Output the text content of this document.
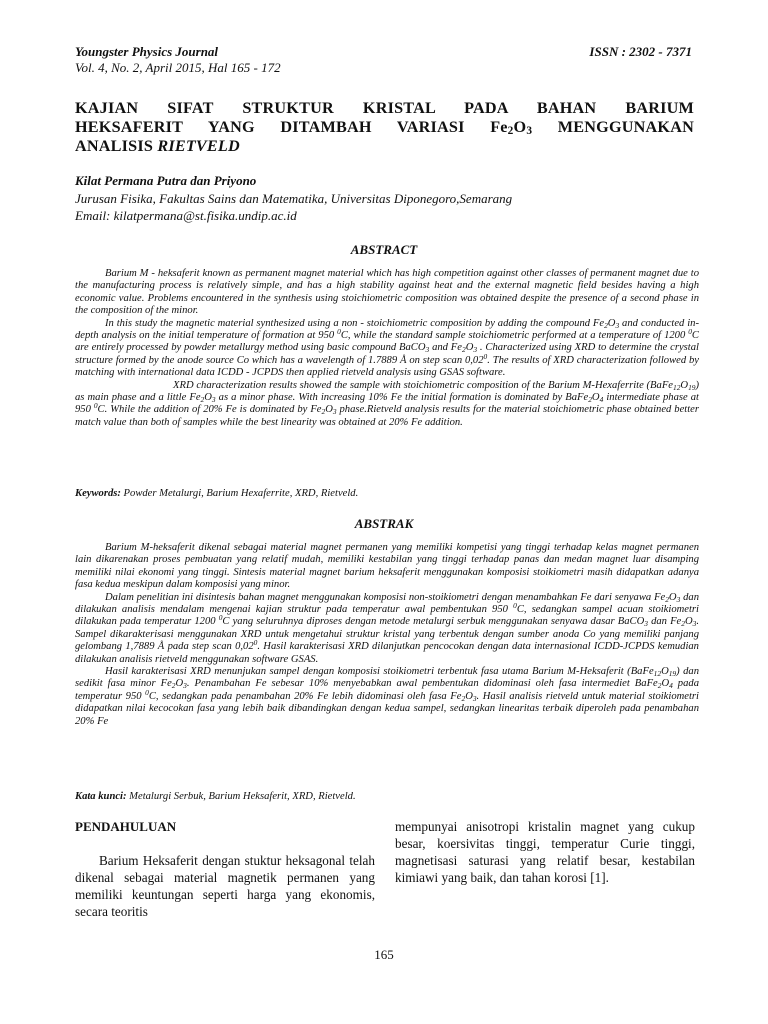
Youngster Physics Journal	ISSN : 2302 - 7371
Vol. 4, No. 2, April 2015, Hal 165 - 172
KAJIAN SIFAT STRUKTUR KRISTAL PADA BAHAN BARIUM
HEKSAFERIT YANG DITAMBAH VARIASI $Fe_2O_3$ MENGGUNAKAN
ANALISIS RIETVELD
Kilat Permana Putra dan Priyono
Jurusan Fisika, Fakultas Sains dan Matematika, Universitas Diponegoro,Semarang
Email: kilatpermana@st.fisika.undip.ac.id
ABSTRACT

Barium M - heksaferit known as permanent magnet material which has high competition against other classes of permanent magnet due to the manufacturing process is relatively simple, and has a high stability against heat and the external magnetic field besides having a high economic value. Problems encountered in the synthesis using stoichiometric composition was obtained despite the presence of a second phase in the composition of the minor.

In this study the magnetic material synthesized using a non - stoichiometric composition by adding the compound $Fe_2O_3$ and conducted in-depth analysis on the initial temperature of formation at 950 $^0$C, while the standard sample stoichiometric performed at a temperature of 1200 $^0$C are entirely processed by powder metallurgy method using basic compound BaCO$_3$ and $Fe_2O_3$ . Characterized using XRD to determine the crystal structure formed by the anode source Co which has a wavelength of 1.7889 Å on step scan 0,02$^0$. The results of XRD characterization followed by matching with international data ICDD - JCPDS then applied rietveld analysis using GSAS software.

XRD characterization results showed the sample with stoichiometric composition of the Barium M-Hexaferrite $(BaFe_{12}O_{19})$ as main phase and a little $Fe_2O_3$ as a minor phase. With increasing 10% Fe the initial formation is dominated by $BaFe_2O_4$ intermediate phase at 950 $^0$C. While the addition of 20% Fe is dominated by $Fe_2O_3$ phase.Rietveld analysis results for the material stoichiometric phase obtained better match value than both of samples while the best linearity was obtained at 20% Fe addition.

Keywords: Powder Metalurgi, Barium Hexaferrite, XRD, Rietveld.
ABSTRAK

Barium M-heksaferit dikenal sebagai material magnet permanen yang memiliki kompetisi yang tinggi terhadap kelas magnet permanen lain dikarenakan proses pembuatan yang relatif mudah, memiliki kestabilan yang tinggi terhadap panas dan medan magnet luar disamping memiliki nilai ekonomi yang tinggi. Sintesis material magnet barium heksaferit menggunakan komposisi stoikiometri masih didapatkan adanya fasa kedua meskipun dalam komposisi yang minor.

Dalam penelitian ini disintesis bahan magnet menggunakan komposisi non-stoikiometri dengan menambahkan Fe dari senyawa $Fe_2O_3$ dan dilakukan analisis mendalam mengenai kajian struktur pada temperatur awal pembentukan 950 $^0$C, sedangkan sampel acuan stoikiometri dilakukan pada temperatur 1200 $^0$C yang seluruhnya diproses dengan metode metalurgi serbuk menggunakan senyawa dasar BaCO$_3$ dan $Fe_2O_3$. Sampel dikarakterisasi menggunakan XRD untuk mengetahui struktur kristal yang terbentuk dengan sumber anoda Co yang memiliki panjang gelombang 1,7889 Å pada step scan 0,02$^0$. Hasil karakterisasi XRD dilanjutkan pencocokan dengan data internasional ICDD-JCPDS kemudian dilakukan analisis rietveld menggunakan software GSAS.

Hasil karakterisasi XRD menunjukan sampel dengan komposisi stoikiometri terbentuk fasa utama Barium M-Heksaferit $(BaFe_{12}O_{19})$ dan sedikit fasa minor $Fe_2O_3$. Penambahan Fe sebesar 10% menyebabkan awal pembentukan didominasi oleh fasa intermediet $BaFe_2O_4$ pada temperatur 950 $^0$C, sedangkan pada penambahan 20% Fe lebih didominasi oleh fasa $Fe_2O_3$. Hasil analisis rietveld untuk material stoikiometri didapatkan nilai kecocokan fasa yang lebih baik dibandingkan dengan kedua sampel, sedangkan linearitas terbaik diperoleh pada penambahan 20% Fe

Kata kunci: Metalurgi Serbuk, Barium Heksaferit, XRD, Rietveld.

PENDAHULUAN

Barium Heksaferit dengan stuktur heksagonal telah dikenal sebagai material magnetik permanen yang memiliki keuntungan seperti harga yang ekonomis, secara teoritis

mempunyai anisotropi kristalin magnet yang cukup besar, koersivitas tinggi, temperatur Curie tinggi, magnetisasi saturasi yang relatif besar, kestabilan kimiawi yang baik, dan tahan korosi [1].

165
